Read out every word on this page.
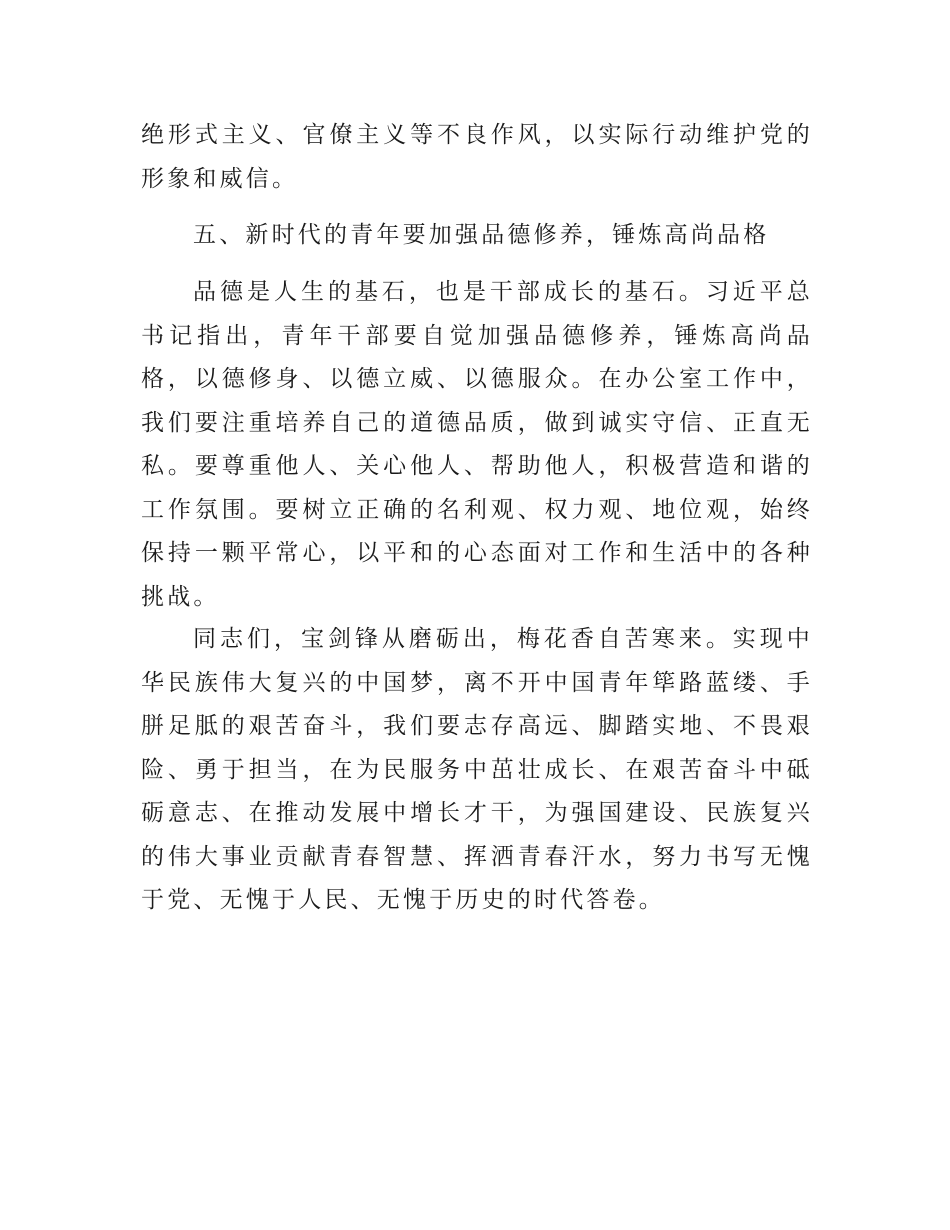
绝形式主义、官僚主义等不良作风，以实际行动维护党的形象和威信。

五、新时代的青年要加强品德修养，锤炼高尚品格

品德是人生的基石，也是干部成长的基石。习近平总书记指出，青年干部要自觉加强品德修养，锤炼高尚品格，以德修身、以德立威、以德服众。在办公室工作中，我们要注重培养自己的道德品质，做到诚实守信、正直无私。要尊重他人、关心他人、帮助他人，积极营造和谐的工作氛围。要树立正确的名利观、权力观、地位观，始终保持一颗平常心，以平和的心态面对工作和生活中的各种挑战。

同志们，宝剑锋从磨砺出，梅花香自苦寒来。实现中华民族伟大复兴的中国梦，离不开中国青年筚路蓝缕、手胼足胝的艰苦奋斗，我们要志存高远、脚踏实地、不畏艰险、勇于担当，在为民服务中茁壮成长、在艰苦奋斗中砥砺意志、在推动发展中增长才干，为强国建设、民族复兴的伟大事业贡献青春智慧、挥洒青春汗水，努力书写无愧于党、无愧于人民、无愧于历史的时代答卷。
